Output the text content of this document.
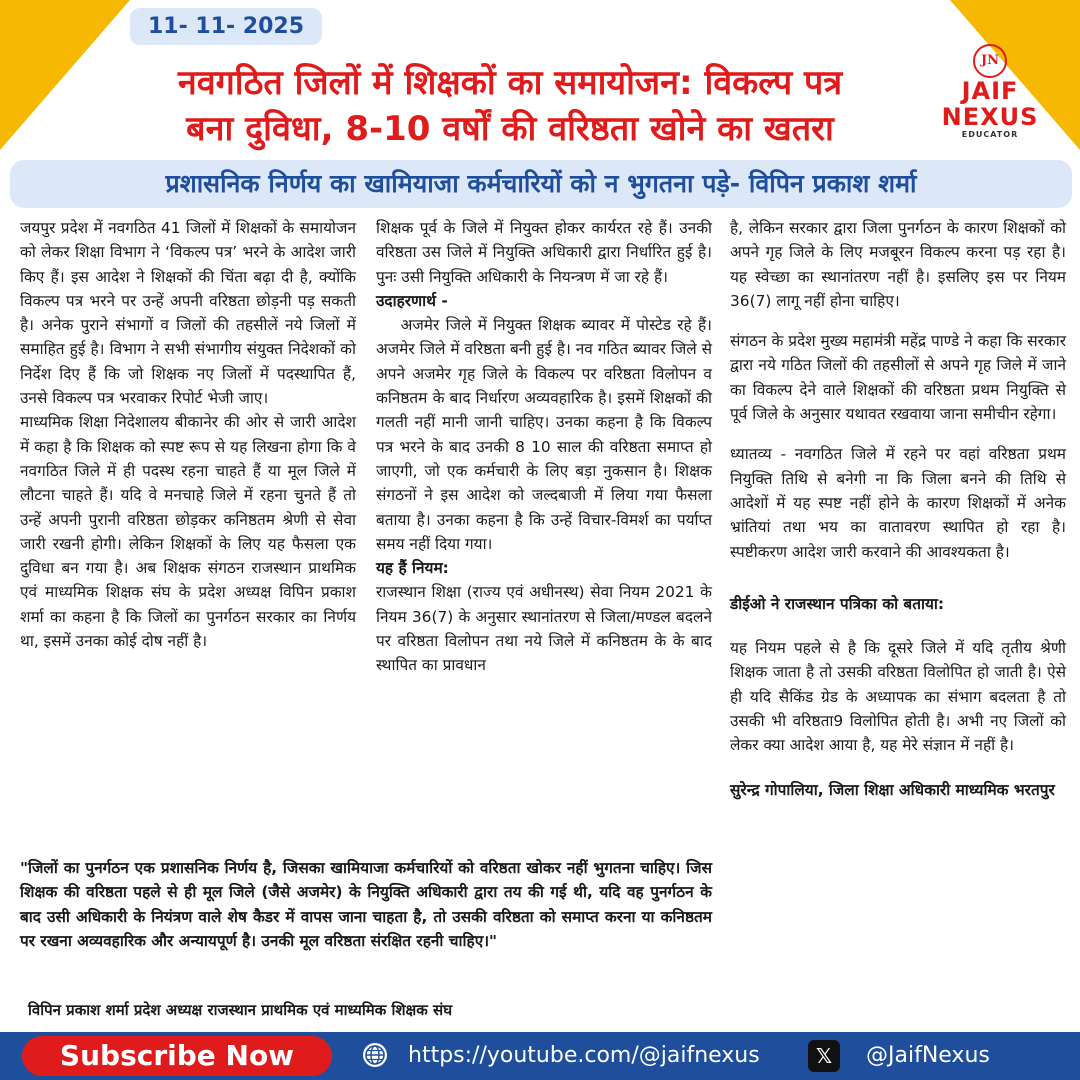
11- 11- 2025
नवगठित जिलों में शिक्षकों का समायोजन: विकल्प पत्र
बना दुविधा, 8-10 वर्षों की वरिष्ठता खोने का खतरा
JN
JAIF
NEXUS
EDUCATOR
प्रशासनिक निर्णय का खामियाजा कर्मचारियों को न भुगतना पड़े- विपिन प्रकाश शर्मा

जयपुर प्रदेश में नवगठित 41 जिलों में शिक्षकों के समायोजन को लेकर शिक्षा विभाग ने ‘विकल्प पत्र’ भरने के आदेश जारी किए हैं। इस आदेश ने शिक्षकों की चिंता बढ़ा दी है, क्योंकि विकल्प पत्र भरने पर उन्हें अपनी वरिष्ठता छोड़नी पड़ सकती है। अनेक पुराने संभागों व जिलों की तहसीलें नये जिलों में समाहित हुई है। विभाग ने सभी संभागीय संयुक्त निदेशकों को निर्देश दिए हैं कि जो शिक्षक नए जिलों में पदस्थापित हैं, उनसे विकल्प पत्र भरवाकर रिपोर्ट भेजी जाए।

माध्यमिक शिक्षा निदेशालय बीकानेर की ओर से जारी आदेश में कहा है कि शिक्षक को स्पष्ट रूप से यह लिखना होगा कि वे नवगठित जिले में ही पदस्थ रहना चाहते हैं या मूल जिले में लौटना चाहते हैं। यदि वे मनचाहे जिले में रहना चुनते हैं तो उन्हें अपनी पुरानी वरिष्ठता छोड़कर कनिष्ठतम श्रेणी से सेवा जारी रखनी होगी। लेकिन शिक्षकों के लिए यह फैसला एक दुविधा बन गया है। अब शिक्षक संगठन राजस्थान प्राथमिक एवं माध्यमिक शिक्षक संघ के प्रदेश अध्यक्ष विपिन प्रकाश शर्मा का कहना है कि जिलों का पुनर्गठन सरकार का निर्णय था, इसमें उनका कोई दोष नहीं है।

शिक्षक पूर्व के जिले में नियुक्त होकर कार्यरत रहे हैं। उनकी वरिष्ठता उस जिले में नियुक्ति अधिकारी द्वारा निर्धारित हुई है। पुनः उसी नियुक्ति अधिकारी के नियन्त्रण में जा रहे हैं।

उदाहरणार्थ -

अजमेर जिले में नियुक्त शिक्षक ब्यावर में पोस्टेड रहे हैं। अजमेर जिले में वरिष्ठता बनी हुई है। नव गठित ब्यावर जिले से अपने अजमेर गृह जिले के विकल्प पर वरिष्ठता विलोपन व कनिष्ठतम के बाद निर्धारण अव्यवहारिक है। इसमें शिक्षकों की गलती नहीं मानी जानी चाहिए। उनका कहना है कि विकल्प पत्र भरने के बाद उनकी 8 10 साल की वरिष्ठता समाप्त हो जाएगी, जो एक कर्मचारी के लिए बड़ा नुकसान है। शिक्षक संगठनों ने इस आदेश को जल्दबाजी में लिया गया फैसला बताया है। उनका कहना है कि उन्हें विचार-विमर्श का पर्याप्त समय नहीं दिया गया।

यह हैं नियम:

राजस्थान शिक्षा (राज्य एवं अधीनस्थ) सेवा नियम 2021 के नियम 36(7) के अनुसार स्थानांतरण से जिला/मण्डल बदलने पर वरिष्ठता विलोपन तथा नये जिले में कनिष्ठतम के के बाद स्थापित का प्रावधान

है, लेकिन सरकार द्वारा जिला पुनर्गठन के कारण शिक्षकों को अपने गृह जिले के लिए मजबूरन विकल्प करना पड़ रहा है। यह स्वेच्छा का स्थानांतरण नहीं है। इसलिए इस पर नियम 36(7) लागू नहीं होना चाहिए।

संगठन के प्रदेश मुख्य महामंत्री महेंद्र पाण्डे ने कहा कि सरकार द्वारा नये गठित जिलों की तहसीलों से अपने गृह जिले में जाने का विकल्प देने वाले शिक्षकों की वरिष्ठता प्रथम नियुक्ति से पूर्व जिले के अनुसार यथावत रखवाया जाना समीचीन रहेगा।

ध्यातव्य - नवगठित जिले में रहने पर वहां वरिष्ठता प्रथम नियुक्ति तिथि से बनेगी ना कि जिला बनने की तिथि से आदेशों में यह स्पष्ट नहीं होने के कारण शिक्षकों में अनेक भ्रांतियां तथा भय का वातावरण स्थापित हो रहा है। स्पष्टीकरण आदेश जारी करवाने की आवश्यकता है।

डीईओ ने राजस्थान पत्रिका को बताया:

यह नियम पहले से है कि दूसरे जिले में यदि तृतीय श्रेणी शिक्षक जाता है तो उसकी वरिष्ठता विलोपित हो जाती है। ऐसे ही यदि सैकिंड ग्रेड के अध्यापक का संभाग बदलता है तो उसकी भी वरिष्ठता9 विलोपित होती है। अभी नए जिलों को लेकर क्या आदेश आया है, यह मेरे संज्ञान में नहीं है।

सुरेन्द्र गोपालिया, जिला शिक्षा अधिकारी माध्यमिक भरतपुर

"जिलों का पुनर्गठन एक प्रशासनिक निर्णय है, जिसका खामियाजा कर्मचारियों को वरिष्ठता खोकर नहीं भुगतना चाहिए। जिस शिक्षक की वरिष्ठता पहले से ही मूल जिले (जैसे अजमेर) के नियुक्ति अधिकारी द्वारा तय की गई थी, यदि वह पुनर्गठन के बाद उसी अधिकारी के नियंत्रण वाले शेष कैडर में वापस जाना चाहता है, तो उसकी वरिष्ठता को समाप्त करना या कनिष्ठतम पर रखना अव्यवहारिक और अन्यायपूर्ण है। उनकी मूल वरिष्ठता संरक्षित रहनी चाहिए।"
विपिन प्रकाश शर्मा प्रदेश अध्यक्ष राजस्थान प्राथमिक एवं माध्यमिक शिक्षक संघ
Subscribe Now	https://youtube.com/@jaifnexus	𝕏	@JaifNexus
